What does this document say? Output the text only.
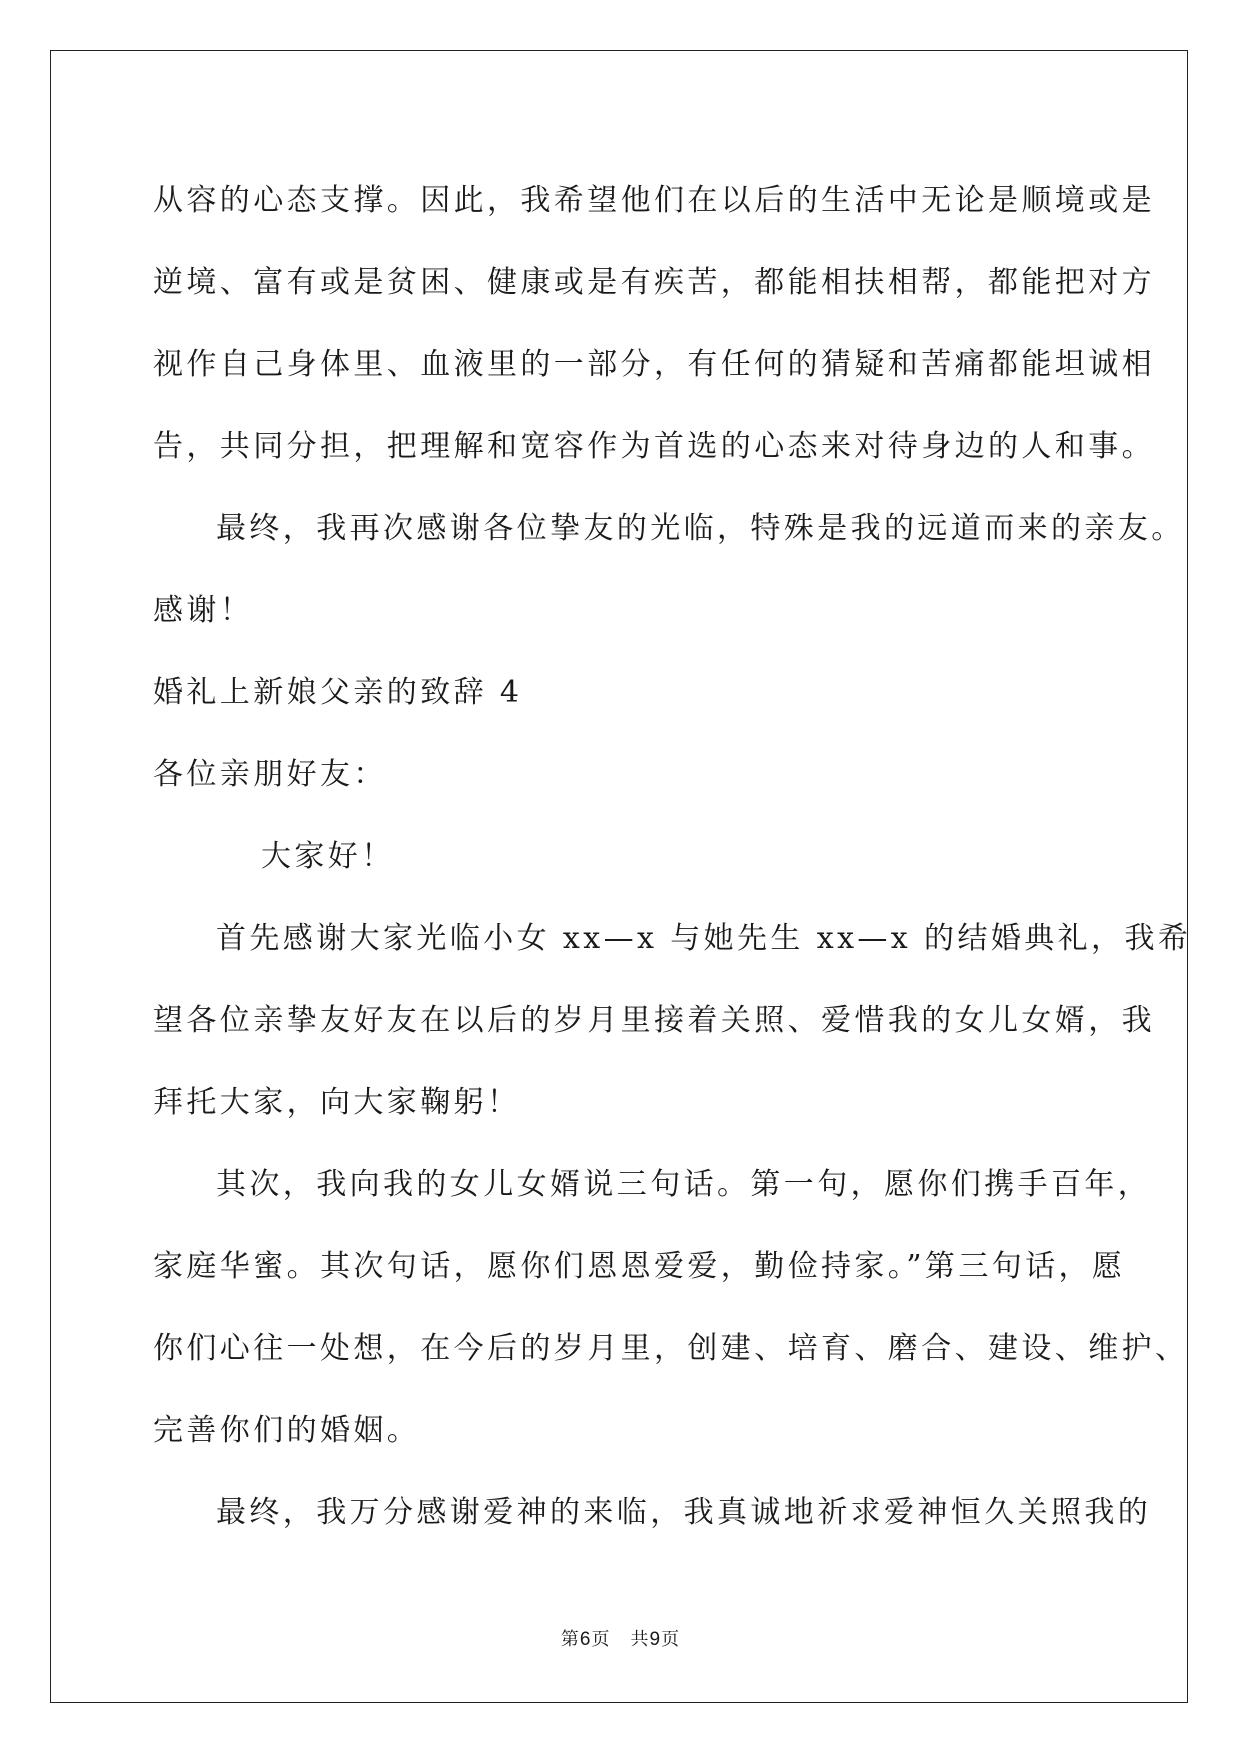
从容的心态支撑。因此，我希望他们在以后的生活中无论是顺境或是
逆境、富有或是贫困、健康或是有疾苦，都能相扶相帮，都能把对方
视作自己身体里、血液里的一部分，有任何的猜疑和苦痛都能坦诚相
告，共同分担，把理解和宽容作为首选的心态来对待身边的人和事。
最终，我再次感谢各位挚友的光临，特殊是我的远道而来的亲友。
感谢！
婚礼上新娘父亲的致辞 4
各位亲朋好友：
大家好！
首先感谢大家光临小女 xx—x 与她先生 xx—x 的结婚典礼，我希
望各位亲挚友好友在以后的岁月里接着关照、爱惜我的女儿女婿，我
拜托大家，向大家鞠躬！
其次，我向我的女儿女婿说三句话。第一句，愿你们携手百年，
家庭华蜜。其次句话，愿你们恩恩爱爱，勤俭持家。”第三句话，愿
你们心往一处想，在今后的岁月里，创建、培育、磨合、建设、维护、
完善你们的婚姻。
最终，我万分感谢爱神的来临，我真诚地祈求爱神恒久关照我的
第6页 共9页
